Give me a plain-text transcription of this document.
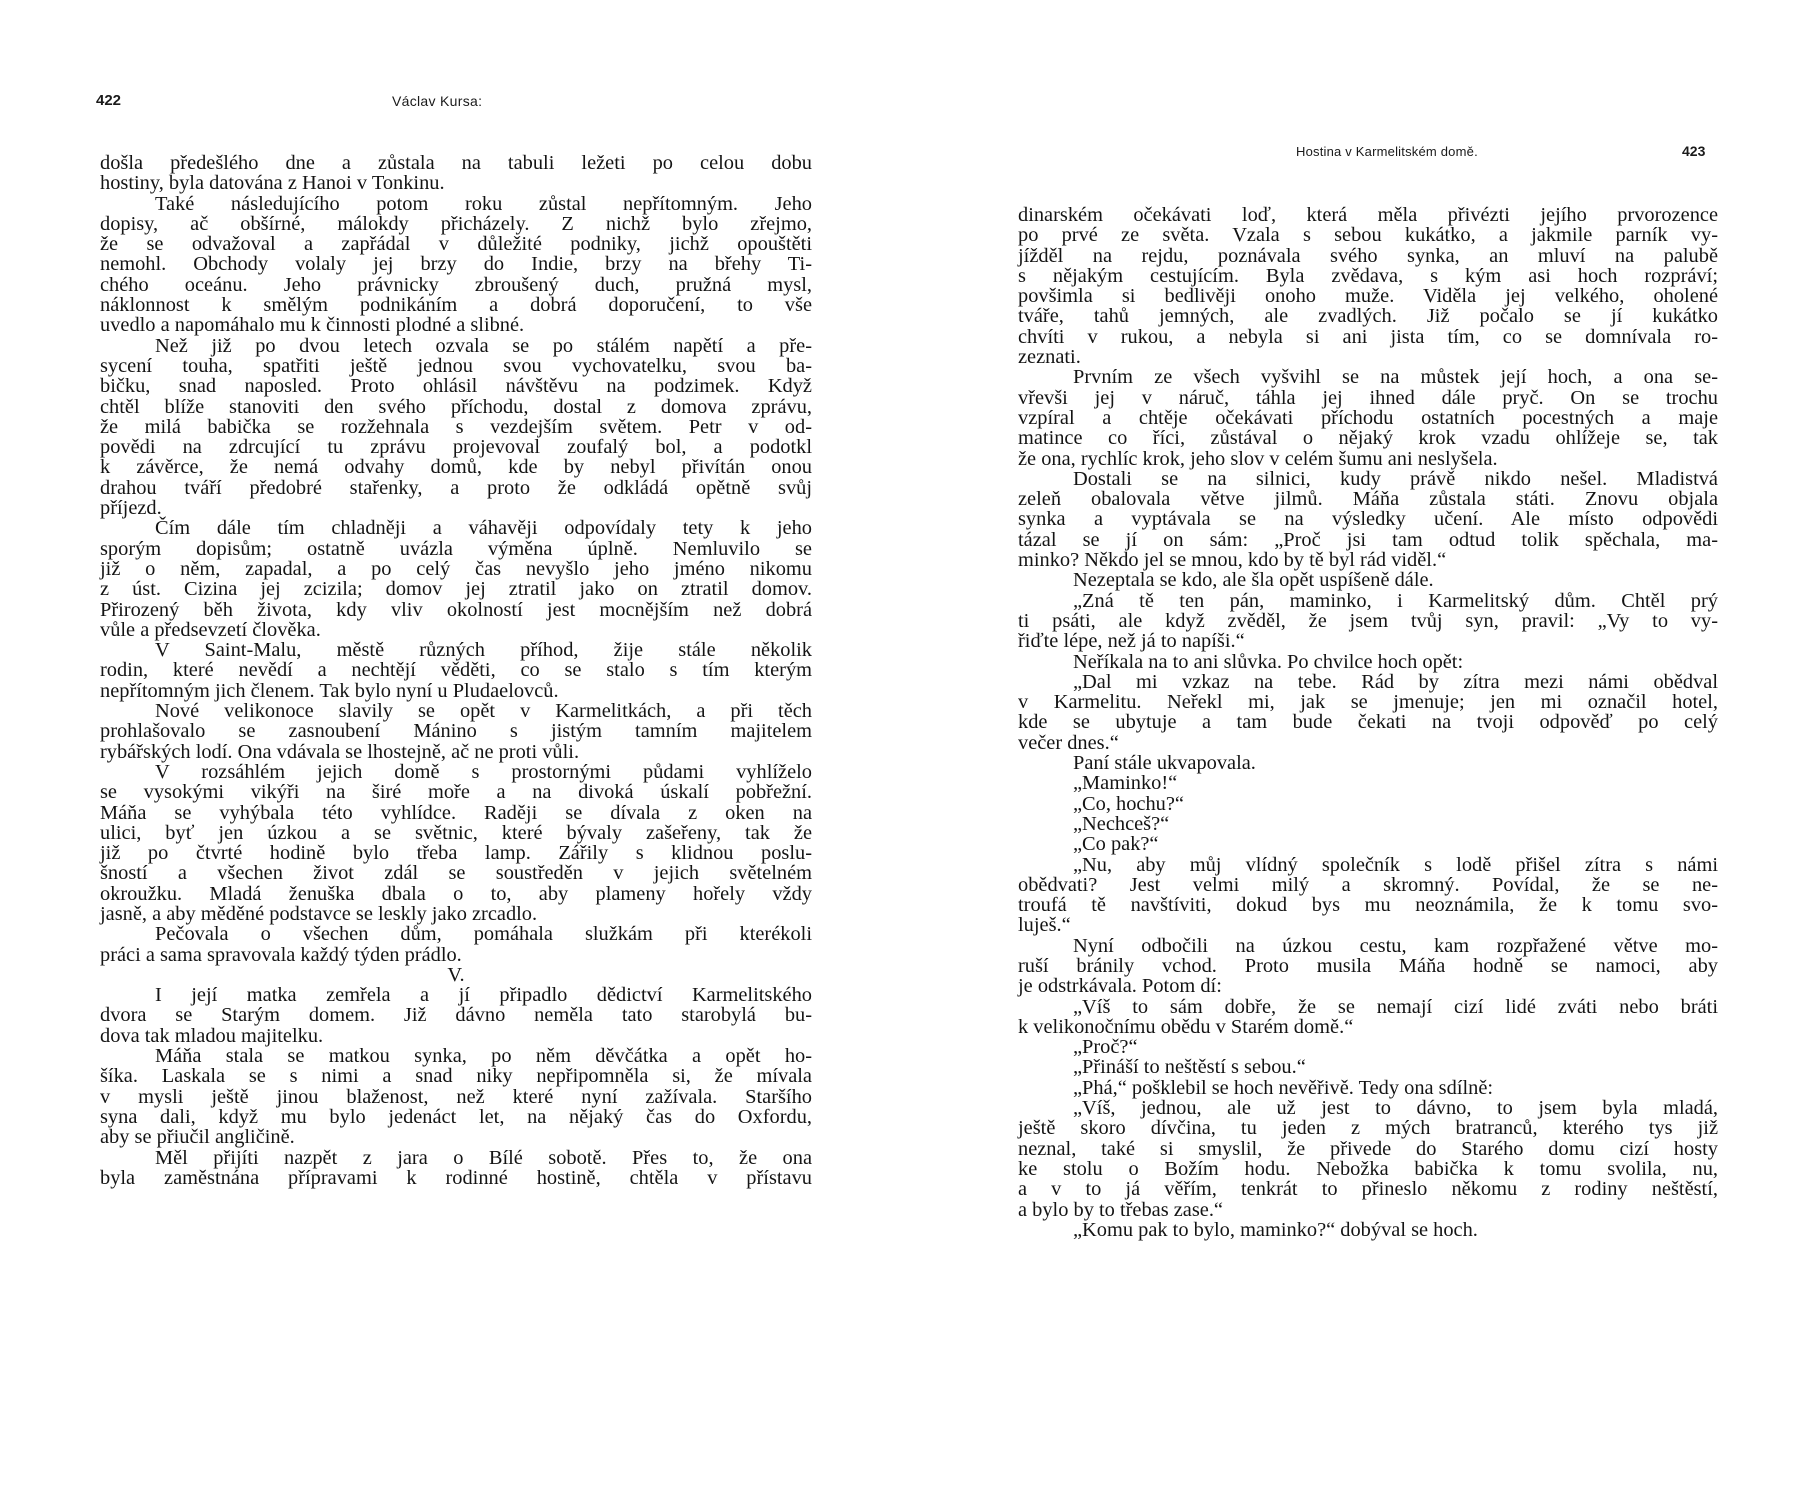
422	Václav Kursa:
došla předešlého dne a zůstala na tabuli ležeti po celou dobu
hostiny, byla datována z Hanoi v Tonkinu.
Také následujícího potom roku zůstal nepřítomným. Jeho
dopisy, ač obšírné, málokdy přicházely. Z nichž bylo zřejmo,
že se odvažoval a zapřádal v důležité podniky, jichž opouštěti
nemohl. Obchody volaly jej brzy do Indie, brzy na břehy Ti-
chého oceánu. Jeho právnicky zbroušený duch, pružná mysl,
náklonnost k smělým podnikáním a dobrá doporučení, to vše
uvedlo a napomáhalo mu k činnosti plodné a slibné.
Než již po dvou letech ozvala se po stálém napětí a pře-
sycení touha, spatřiti ještě jednou svou vychovatelku, svou ba-
bičku, snad naposled. Proto ohlásil návštěvu na podzimek. Když
chtěl blíže stanoviti den svého příchodu, dostal z domova zprávu,
že milá babička se rozžehnala s vezdejším světem. Petr v od-
povědi na zdrcující tu zprávu projevoval zoufalý bol, a podotkl
k závěrce, že nemá odvahy domů, kde by nebyl přivítán onou
drahou tváří předobré stařenky, a proto že odkládá opětně svůj
příjezd.
Čím dále tím chladněji a váhavěji odpovídaly tety k jeho
sporým dopisům; ostatně uvázla výměna úplně. Nemluvilo se
již o něm, zapadal, a po celý čas nevyšlo jeho jméno nikomu
z úst. Cizina jej zcizila; domov jej ztratil jako on ztratil domov.
Přirozený běh života, kdy vliv okolností jest mocnějším než dobrá
vůle a předsevzetí člověka.
V Saint-Malu, městě různých příhod, žije stále několik
rodin, které nevědí a nechtějí věděti, co se stalo s tím kterým
nepřítomným jich členem. Tak bylo nyní u Pludaelovců.
Nové velikonoce slavily se opět v Karmelitkách, a při těch
prohlašovalo se zasnoubení Mánino s jistým tamním majitelem
rybářských lodí. Ona vdávala se lhostejně, ač ne proti vůli.
V rozsáhlém jejich domě s prostornými půdami vyhlíželo
se vysokými vikýři na širé moře a na divoká úskalí pobřežní.
Máňa se vyhýbala této vyhlídce. Raději se dívala z oken na
ulici, byť jen úzkou a se světnic, které bývaly zašeřeny, tak že
již po čtvrté hodině bylo třeba lamp. Zářily s klidnou poslu-
šností a všechen život zdál se soustředěn v jejich světelném
okroužku. Mladá ženuška dbala o to, aby plameny hořely vždy
jasně, a aby měděné podstavce se leskly jako zrcadlo.
Pečovala o všechen dům, pomáhala služkám při kterékoli
práci a sama spravovala každý týden prádlo.
V.
I její matka zemřela a jí připadlo dědictví Karmelitského
dvora se Starým domem. Již dávno neměla tato starobylá bu-
dova tak mladou majitelku.
Máňa stala se matkou synka, po něm děvčátka a opět ho-
šíka. Laskala se s nimi a snad niky nepřipomněla si, že mívala
v mysli ještě jinou blaženost, než které nyní zažívala. Staršího
syna dali, když mu bylo jedenáct let, na nějaký čas do Oxfordu,
aby se přiučil angličině.
Měl přijíti nazpět z jara o Bílé sobotě. Přes to, že ona
byla zaměstnána přípravami k rodinné hostině, chtěla v přístavu
Hostina v Karmelitském domě.	423
dinarském očekávati loď, která měla přivézti jejího prvorozence
po prvé ze světa. Vzala s sebou kukátko, a jakmile parník vy-
jížděl na rejdu, poznávala svého synka, an mluví na palubě
s nějakým cestujícím. Byla zvědava, s kým asi hoch rozpráví;
povšimla si bedlivěji onoho muže. Viděla jej velkého, oholené
tváře, tahů jemných, ale zvadlých. Již počalo se jí kukátko
chvíti v rukou, a nebyla si ani jista tím, co se domnívala ro-
zeznati.
Prvním ze všech vyšvihl se na můstek její hoch, a ona se-
vřevši jej v náruč, táhla jej ihned dále pryč. On se trochu
vzpíral a chtěje očekávati příchodu ostatních pocestných a maje
matince co říci, zůstával o nějaký krok vzadu ohlížeje se, tak
že ona, rychlíc krok, jeho slov v celém šumu ani neslyšela.
Dostali se na silnici, kudy právě nikdo nešel. Mladistvá
zeleň obalovala větve jilmů. Máňa zůstala státi. Znovu objala
synka a vyptávala se na výsledky učení. Ale místo odpovědi
tázal se jí on sám: „Proč jsi tam odtud tolik spěchala, ma-
minko? Někdo jel se mnou, kdo by tě byl rád viděl.“
Nezeptala se kdo, ale šla opět uspíšeně dále.
„Zná tě ten pán, maminko, i Karmelitský dům. Chtěl prý
ti psáti, ale když zvěděl, že jsem tvůj syn, pravil: „Vy to vy-
řiďte lépe, než já to napíši.“
Neříkala na to ani slůvka. Po chvilce hoch opět:
„Dal mi vzkaz na tebe. Rád by zítra mezi námi obědval
v Karmelitu. Neřekl mi, jak se jmenuje; jen mi označil hotel,
kde se ubytuje a tam bude čekati na tvoji odpověď po celý
večer dnes.“
Paní stále ukvapovala.
„Maminko!“
„Co, hochu?“
„Nechceš?“
„Co pak?“
„Nu, aby můj vlídný společník s lodě přišel zítra s námi
obědvati? Jest velmi milý a skromný. Povídal, že se ne-
troufá tě navštíviti, dokud bys mu neoznámila, že k tomu svo-
luješ.“
Nyní odbočili na úzkou cestu, kam rozpřažené větve mo-
ruší bránily vchod. Proto musila Máňa hodně se namoci, aby
je odstrkávala. Potom dí:
„Víš to sám dobře, že se nemají cizí lidé zváti nebo bráti
k velikonočnímu obědu v Starém domě.“
„Proč?“
„Přináší to neštěstí s sebou.“
„Phá,“ pošklebil se hoch nevěřivě. Tedy ona sdílně:
„Víš, jednou, ale už jest to dávno, to jsem byla mladá,
ještě skoro dívčina, tu jeden z mých bratranců, kterého tys již
neznal, také si smyslil, že přivede do Starého domu cizí hosty
ke stolu o Božím hodu. Nebožka babička k tomu svolila, nu,
a v to já věřím, tenkrát to přineslo někomu z rodiny neštěstí,
a bylo by to třebas zase.“
„Komu pak to bylo, maminko?“ dobýval se hoch.
